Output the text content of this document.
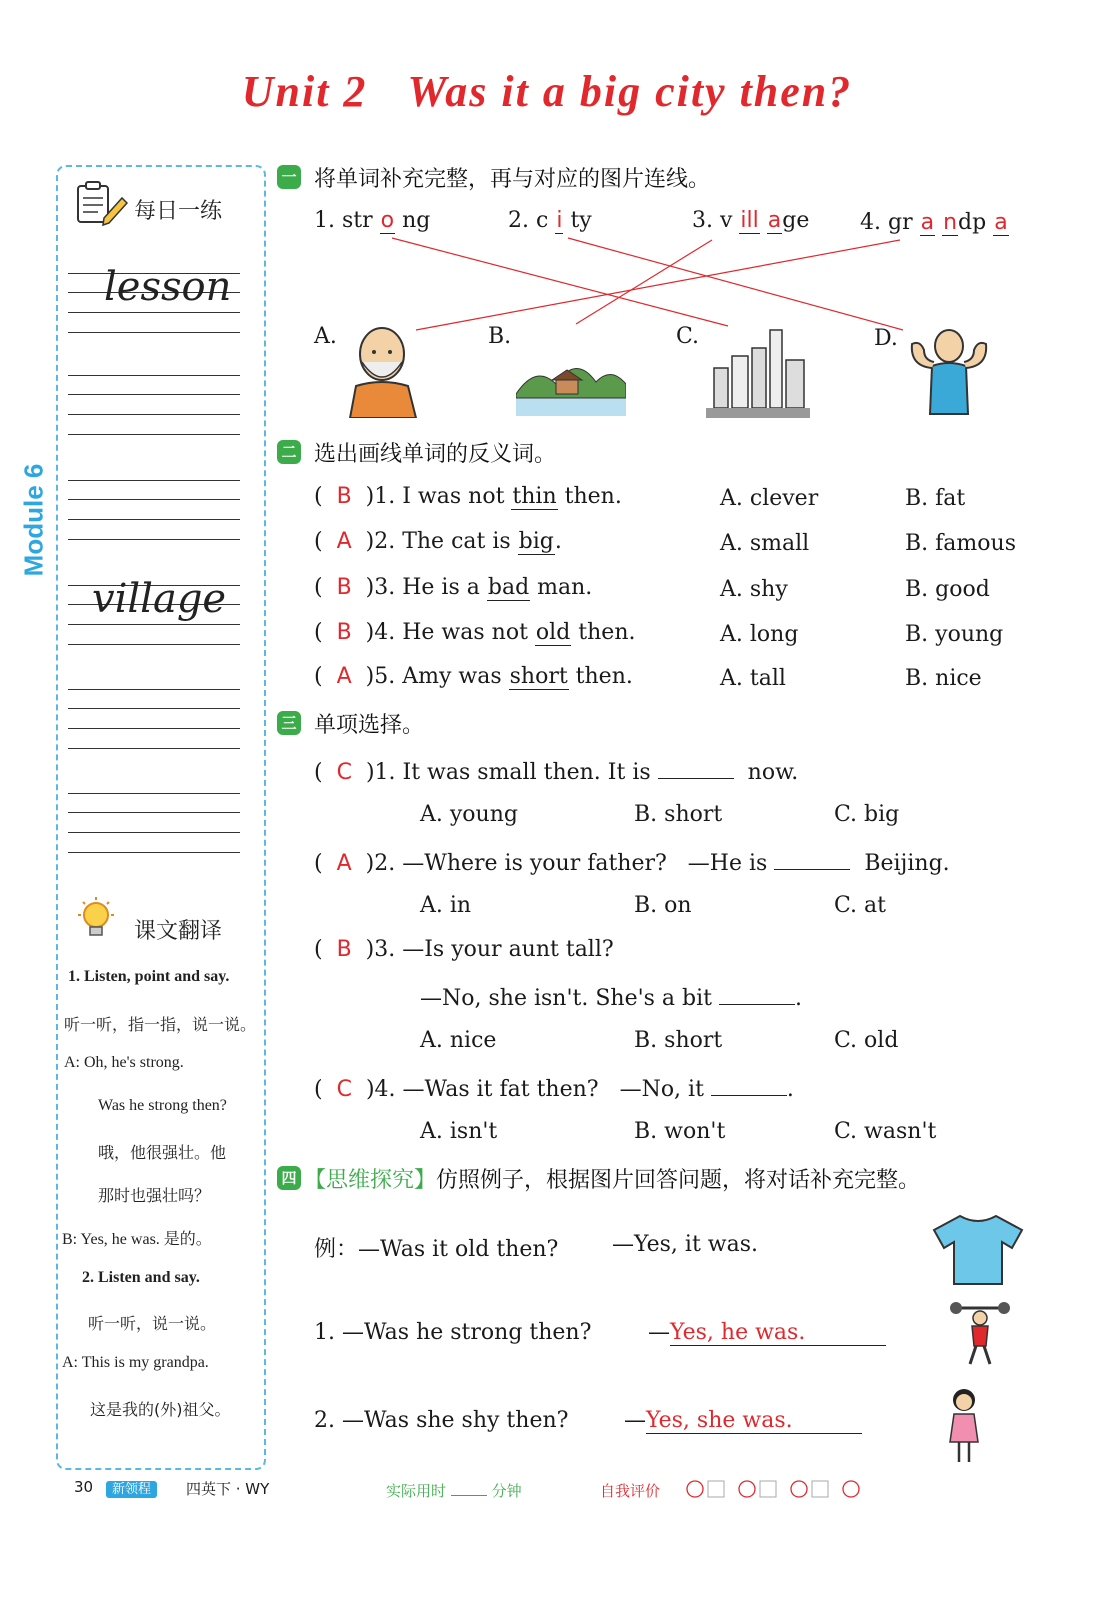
Unit 2 Was it a big city then?
Module 6
每日一练
lesson
village
课文翻译
1. Listen, point and say.
听一听，指一指，说一说。
A: Oh, he's strong.
Was he strong then?
哦，他很强壮。他
那时也强壮吗？
B: Yes, he was. 是的。
2. Listen and say.
听一听，说一说。
A: This is my grandpa.
这是我的(外)祖父。
一 将单词补充完整，再与对应的图片连线。
1. str o ng	2. c i ty	3. v ill age 4. gr a ndp a
A.	B.	C.	D.
二 选出画线单词的反义词。
(  B )1. I was not thin then.	A. clever	B. fat
(  A )2. The cat is big.	A. small	B. famous
(  B )3. He is a bad man.	A. shy	B. good
(  B )4. He was not old then.	A. long	B. young
(  A )5. Amy was short then.	A. tall	B. nice
三 单项选择。
(  C )1. It was small then. It is	now.
A. young	B. short	C. big
(  A )2. —Where is your father? —He is	Beijing.
A. in	B. on	C. at
(  B )3. —Is your aunt tall?
—No, she isn't. She's a bit	.
A. nice	B. short	C. old
(  C )4. —Was it fat then? —No, it	.
A. isn't	B. won't	C. wasn't
四 【思维探究】仿照例子，根据图片回答问题，将对话补充完整。
例：—Was it old then? —Yes, it was.
1. —Was he strong then?	—Yes, he was.
2. —Was she shy then?	—Yes, she was.
30	新领程	四英下 · WY	实际用时	分钟	自我评价
